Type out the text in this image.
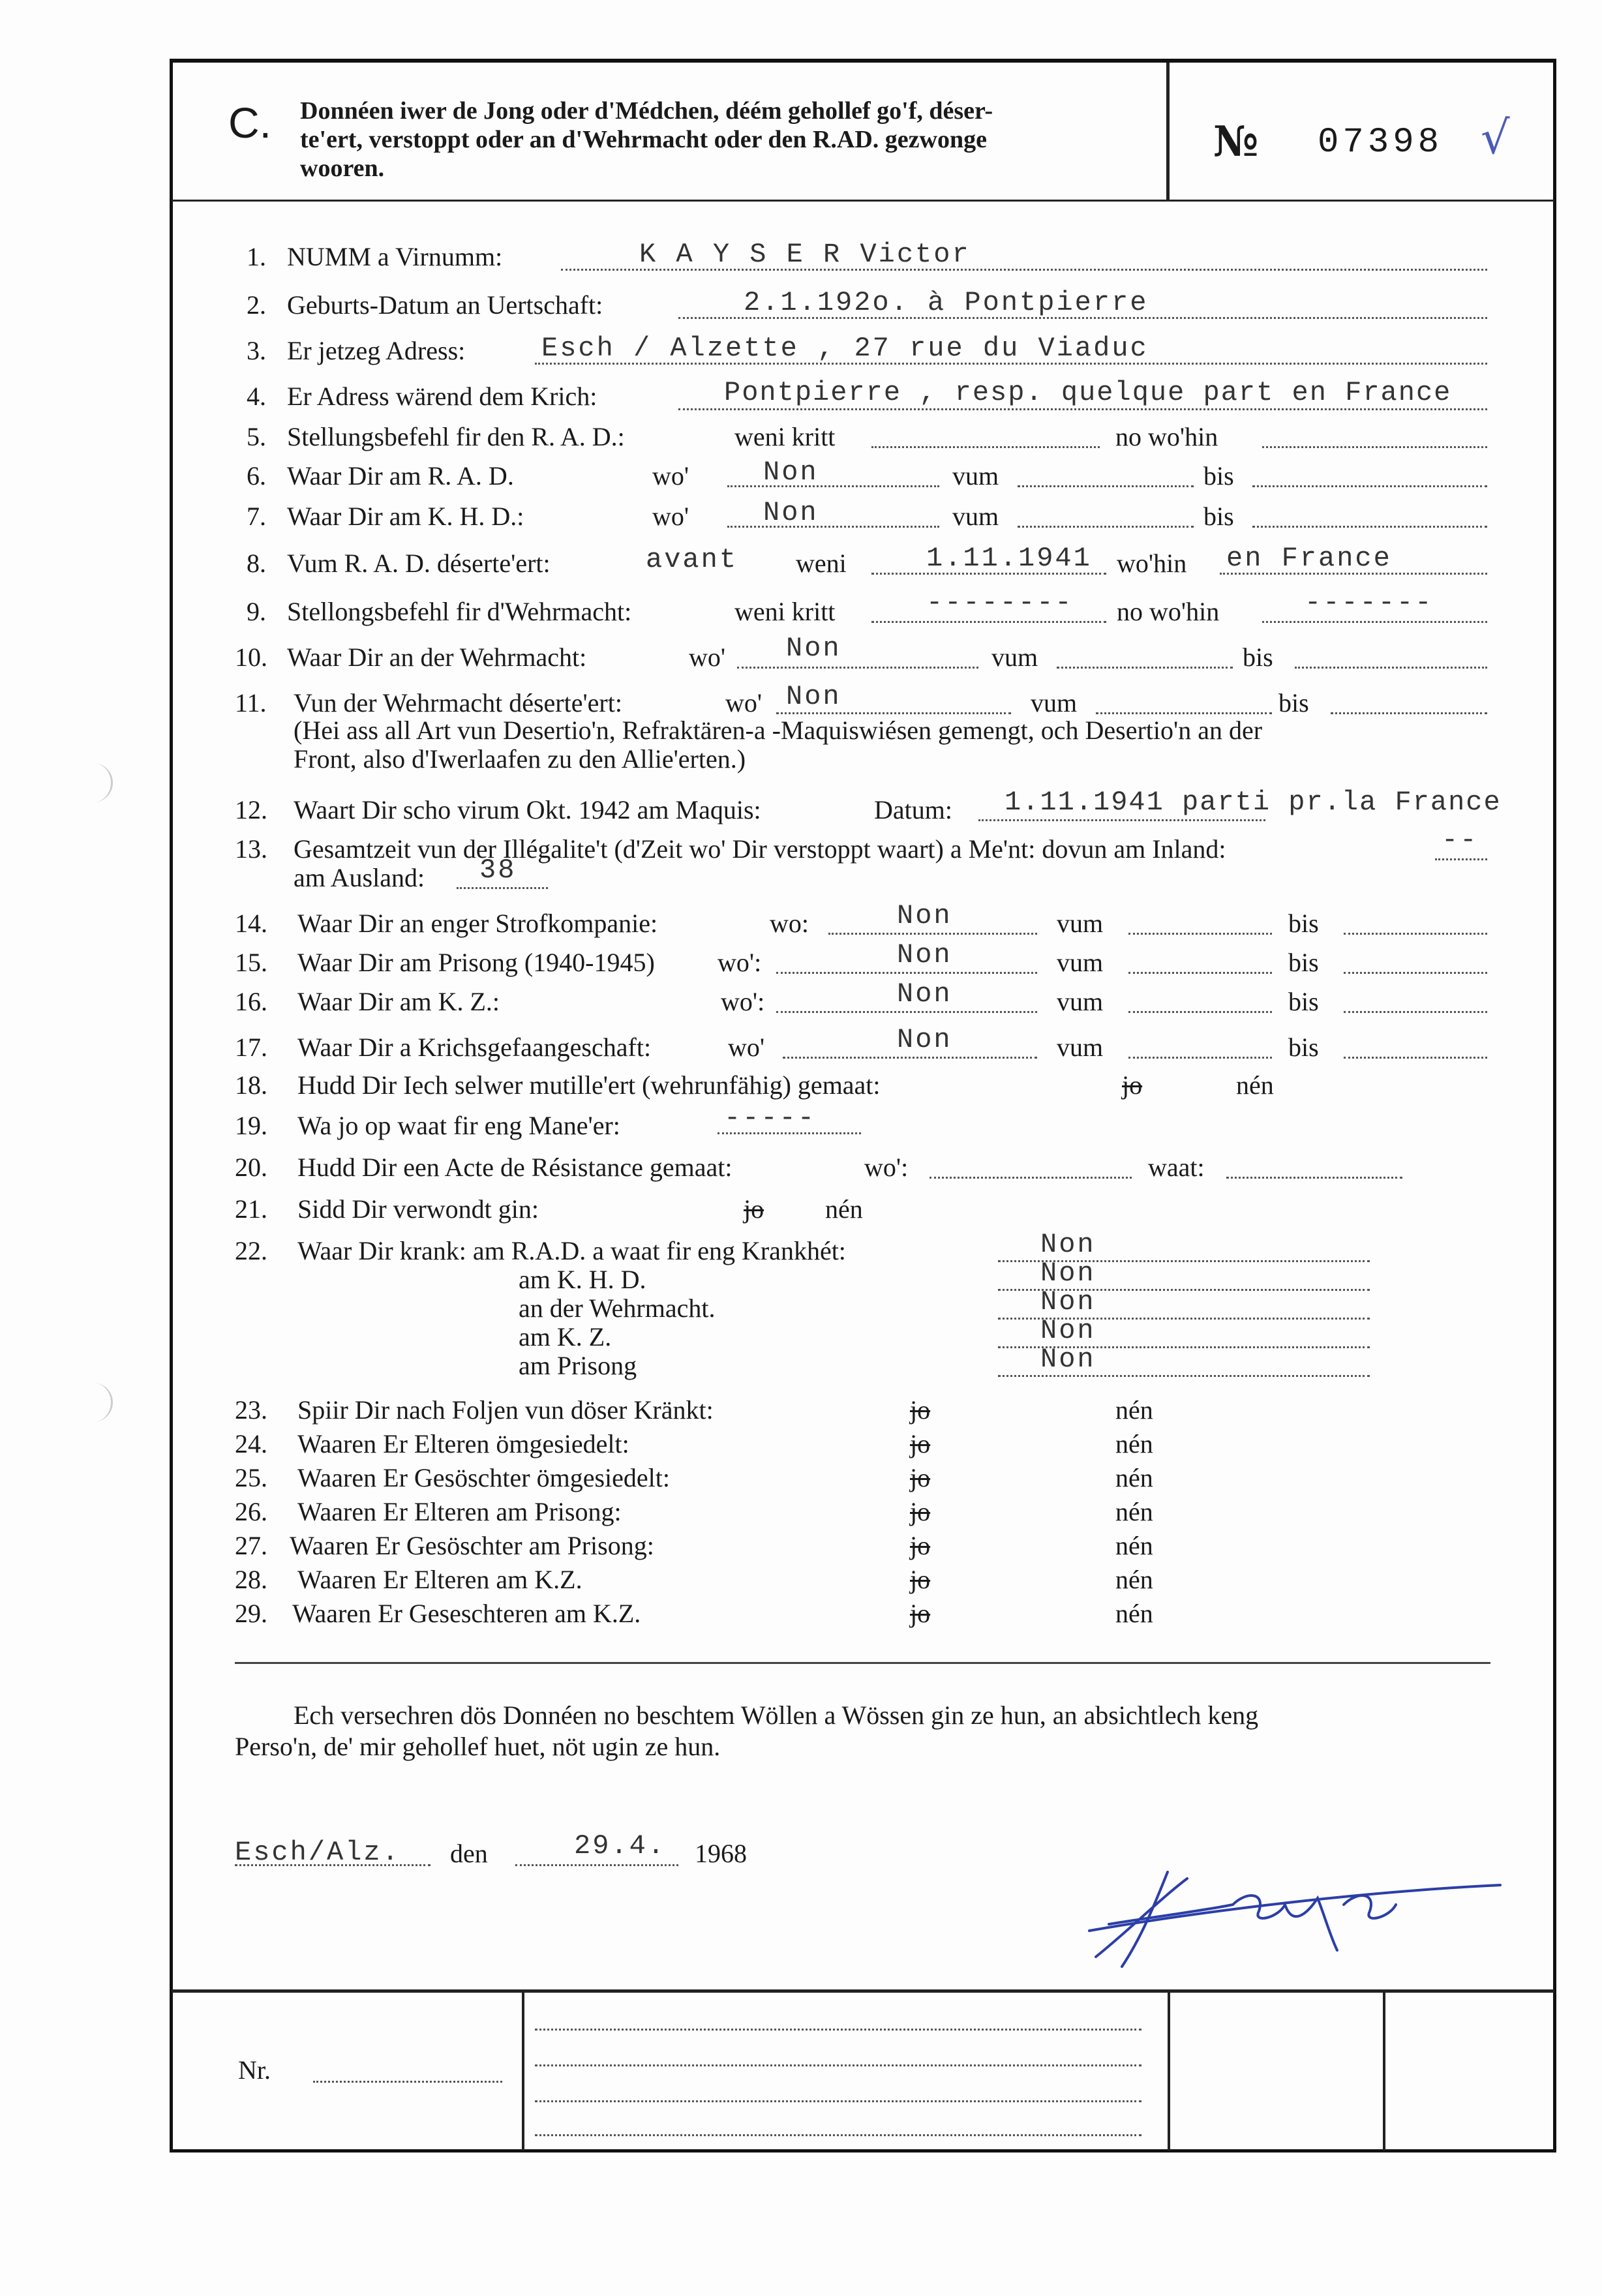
C. Donnéen iwer de Jong oder d'Médchen, déém gehollef go'f, déser-
te'ert, verstoppt oder an d'Wehrmacht oder den R.AD. gezwonge
wooren.
№ 07398 √
1. NUMM a Virnumm:	K A Y S E R Victor
2. Geburts-Datum an Uertschaft:	2.1.192o. à Pontpierre
3. Er jetzeg Adress:	Esch / Alzette , 27 rue du Viaduc
4. Er Adress wärend dem Krich:	Pontpierre , resp. quelque part en France
5. Stellungsbefehl fir den R. A. D.:	weni kritt	no wo'hin
6. Waar Dir am R. A. D.	wo'	Non	vum	bis
7. Waar Dir am K. H. D.:	wo'	Non	vum	bis
8. Vum R. A. D. déserte'ert:	avant weni	1.11.1941 wo'hin en France
9. Stellongsbefehl fir d'Wehrmacht:	weni kritt	-------- no wo'hin	-------
10. Waar Dir an der Wehrmacht:	wo' Non	vum	bis
11. Vun der Wehrmacht déserte'ert:	wo' Non	vum	bis
(Hei ass all Art vun Desertio'n, Refraktären-a -Maquiswiésen gemengt, och Desertio'n an der
Front, also d'Iwerlaafen zu den Allie'erten.)
12. Waart Dir scho virum Okt. 1942 am Maquis:	Datum: 1.11.1941 parti pr.la France
13. Gesamtzeit vun der Illégalite't (d'Zeit wo' Dir verstoppt waart) a Me'nt: dovun am Inland:	--
am Ausland: 38
14. Waar Dir an enger Strofkompanie:	wo:	Non	vum	bis
15. Waar Dir am Prisong (1940-1945) wo':	Non	vum	bis
16. Waar Dir am K. Z.:	wo':	Non	vum	bis
17. Waar Dir a Krichsgefaangeschaft:	wo'	Non	vum	bis
18. Hudd Dir Iech selwer mutille'ert (wehrunfähig) gemaat:	jo	nén
19. Wa jo op waat fir eng Mane'er:	-----
20. Hudd Dir een Acte de Résistance gemaat:	wo':	waat:
21. Sidd Dir verwondt gin:	jo nén
22. Waar Dir krank: am R.A.D. a waat fir eng Krankhét:	Non
am K. H. D.	Non
an der Wehrmacht.	Non
am K. Z.	Non
am Prisong	Non
23. Spiir Dir nach Foljen vun döser Kränkt:	jo	nén
24. Waaren Er Elteren ömgesiedelt:	jo	nén
25. Waaren Er Gesöschter ömgesiedelt:	jo	nén
26. Waaren Er Elteren am Prisong:	jo	nén
27. Waaren Er Gesöschter am Prisong:	jo	nén
28. Waaren Er Elteren am K.Z.	jo	nén
29. Waaren Er Geseschteren am K.Z.	jo	nén
Ech versechren dös Donnéen no beschtem Wöllen a Wössen gin ze hun, an absichtlech keng
Perso'n, de' mir gehollef huet, nöt ugin ze hun.
Esch/Alz. den	29.4. 1968
Nr.
